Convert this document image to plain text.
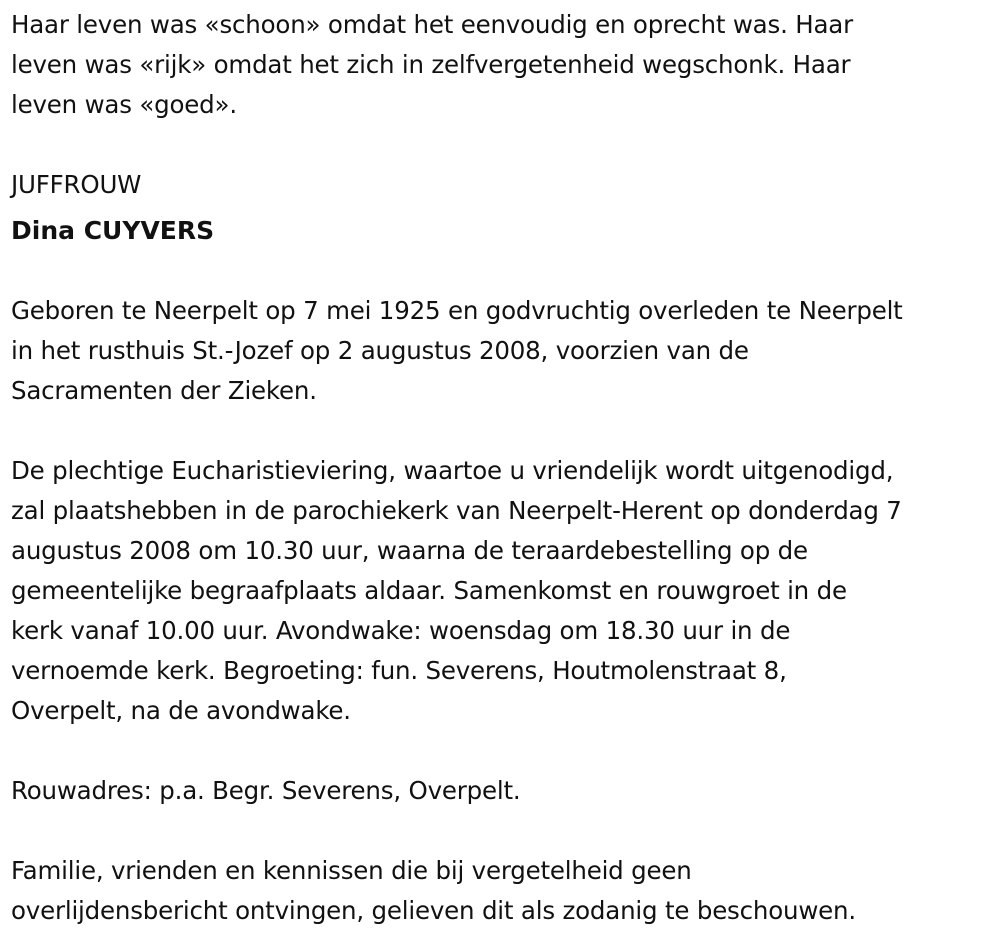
Haar leven was «schoon» omdat het eenvoudig en oprecht was. Haar
leven was «rijk» omdat het zich in zelfvergetenheid wegschonk. Haar
leven was «goed».

JUFFROUW

Dina CUYVERS

Geboren te Neerpelt op 7 mei 1925 en godvruchtig overleden te Neerpelt
in het rusthuis St.-Jozef op 2 augustus 2008, voorzien van de
Sacramenten der Zieken.

De plechtige Eucharistieviering, waartoe u vriendelijk wordt uitgenodigd,
zal plaatshebben in de parochiekerk van Neerpelt-Herent op donderdag 7
augustus 2008 om 10.30 uur, waarna de teraardebestelling op de
gemeentelijke begraafplaats aldaar. Samenkomst en rouwgroet in de
kerk vanaf 10.00 uur. Avondwake: woensdag om 18.30 uur in de
vernoemde kerk. Begroeting: fun. Severens, Houtmolenstraat 8,
Overpelt, na de avondwake.

Rouwadres: p.a. Begr. Severens, Overpelt.

Familie, vrienden en kennissen die bij vergetelheid geen
overlijdensbericht ontvingen, gelieven dit als zodanig te beschouwen.
